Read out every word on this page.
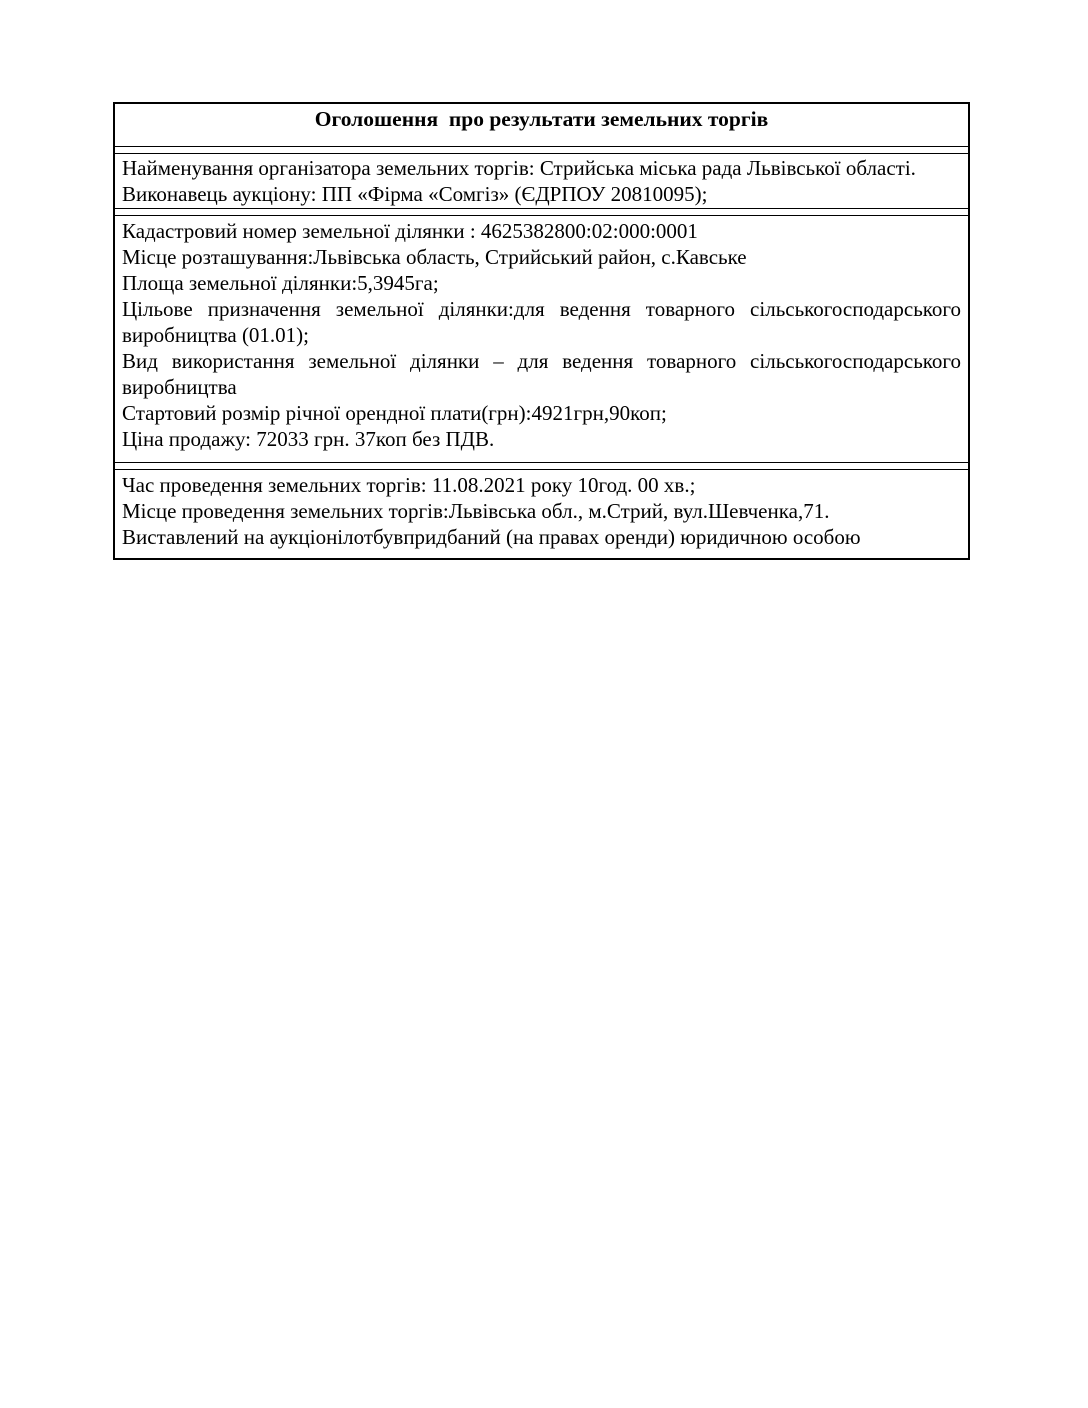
Оголошення  про результати земельних торгів

Найменування організатора земельних торгів: Стрийська міська рада Львівської області.

Виконавець аукціону: ПП «Фірма «Сомгіз» (ЄДРПОУ 20810095);

Кадастровий номер земельної ділянки : 4625382800:02:000:0001

Місце розташування:Львівська область, Стрийський район, с.Кавське

Площа земельної ділянки:5,3945га;

Цільове призначення земельної ділянки:для ведення товарного сільськогосподарського виробництва (01.01);

Вид використання земельної ділянки – для ведення товарного сільськогосподарського виробництва

Стартовий розмір річної орендної плати(грн):4921грн,90коп;

Ціна продажу: 72033 грн. 37коп без ПДВ.

Час проведення земельних торгів: 11.08.2021 року 10год. 00 хв.;

Місце проведення земельних торгів:Львівська обл., м.Стрий, вул.Шевченка,71.

Виставлений на аукціонілотбувпридбаний (на правах оренди) юридичною особою
